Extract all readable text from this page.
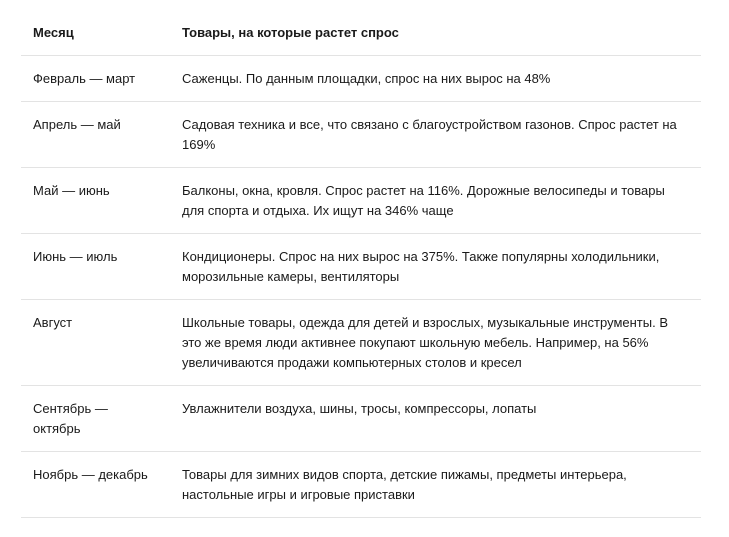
Месяц	Товары, на которые растет спрос
Февраль — март	Саженцы. По данным площадки, спрос на них вырос на 48%
Апрель — май	Садовая техника и все, что связано с благоустройством газонов. Спрос растет на 169%
Май — июнь	Балконы, окна, кровля. Спрос растет на 116%. Дорожные велосипеды и товары для спорта и отдыха. Их ищут на 346% чаще
Июнь — июль	Кондиционеры. Спрос на них вырос на 375%. Также популярны холодильники, морозильные камеры, вентиляторы
Август	Школьные товары, одежда для детей и взрослых, музыкальные инструменты. В это же время люди активнее покупают школьную мебель. Например, на 56% увеличиваются продажи компьютерных столов и кресел
Сентябрь — октябрь	Увлажнители воздуха, шины, тросы, компрессоры, лопаты
Ноябрь — декабрь	Товары для зимних видов спорта, детские пижамы, предметы интерьера, настольные игры и игровые приставки
